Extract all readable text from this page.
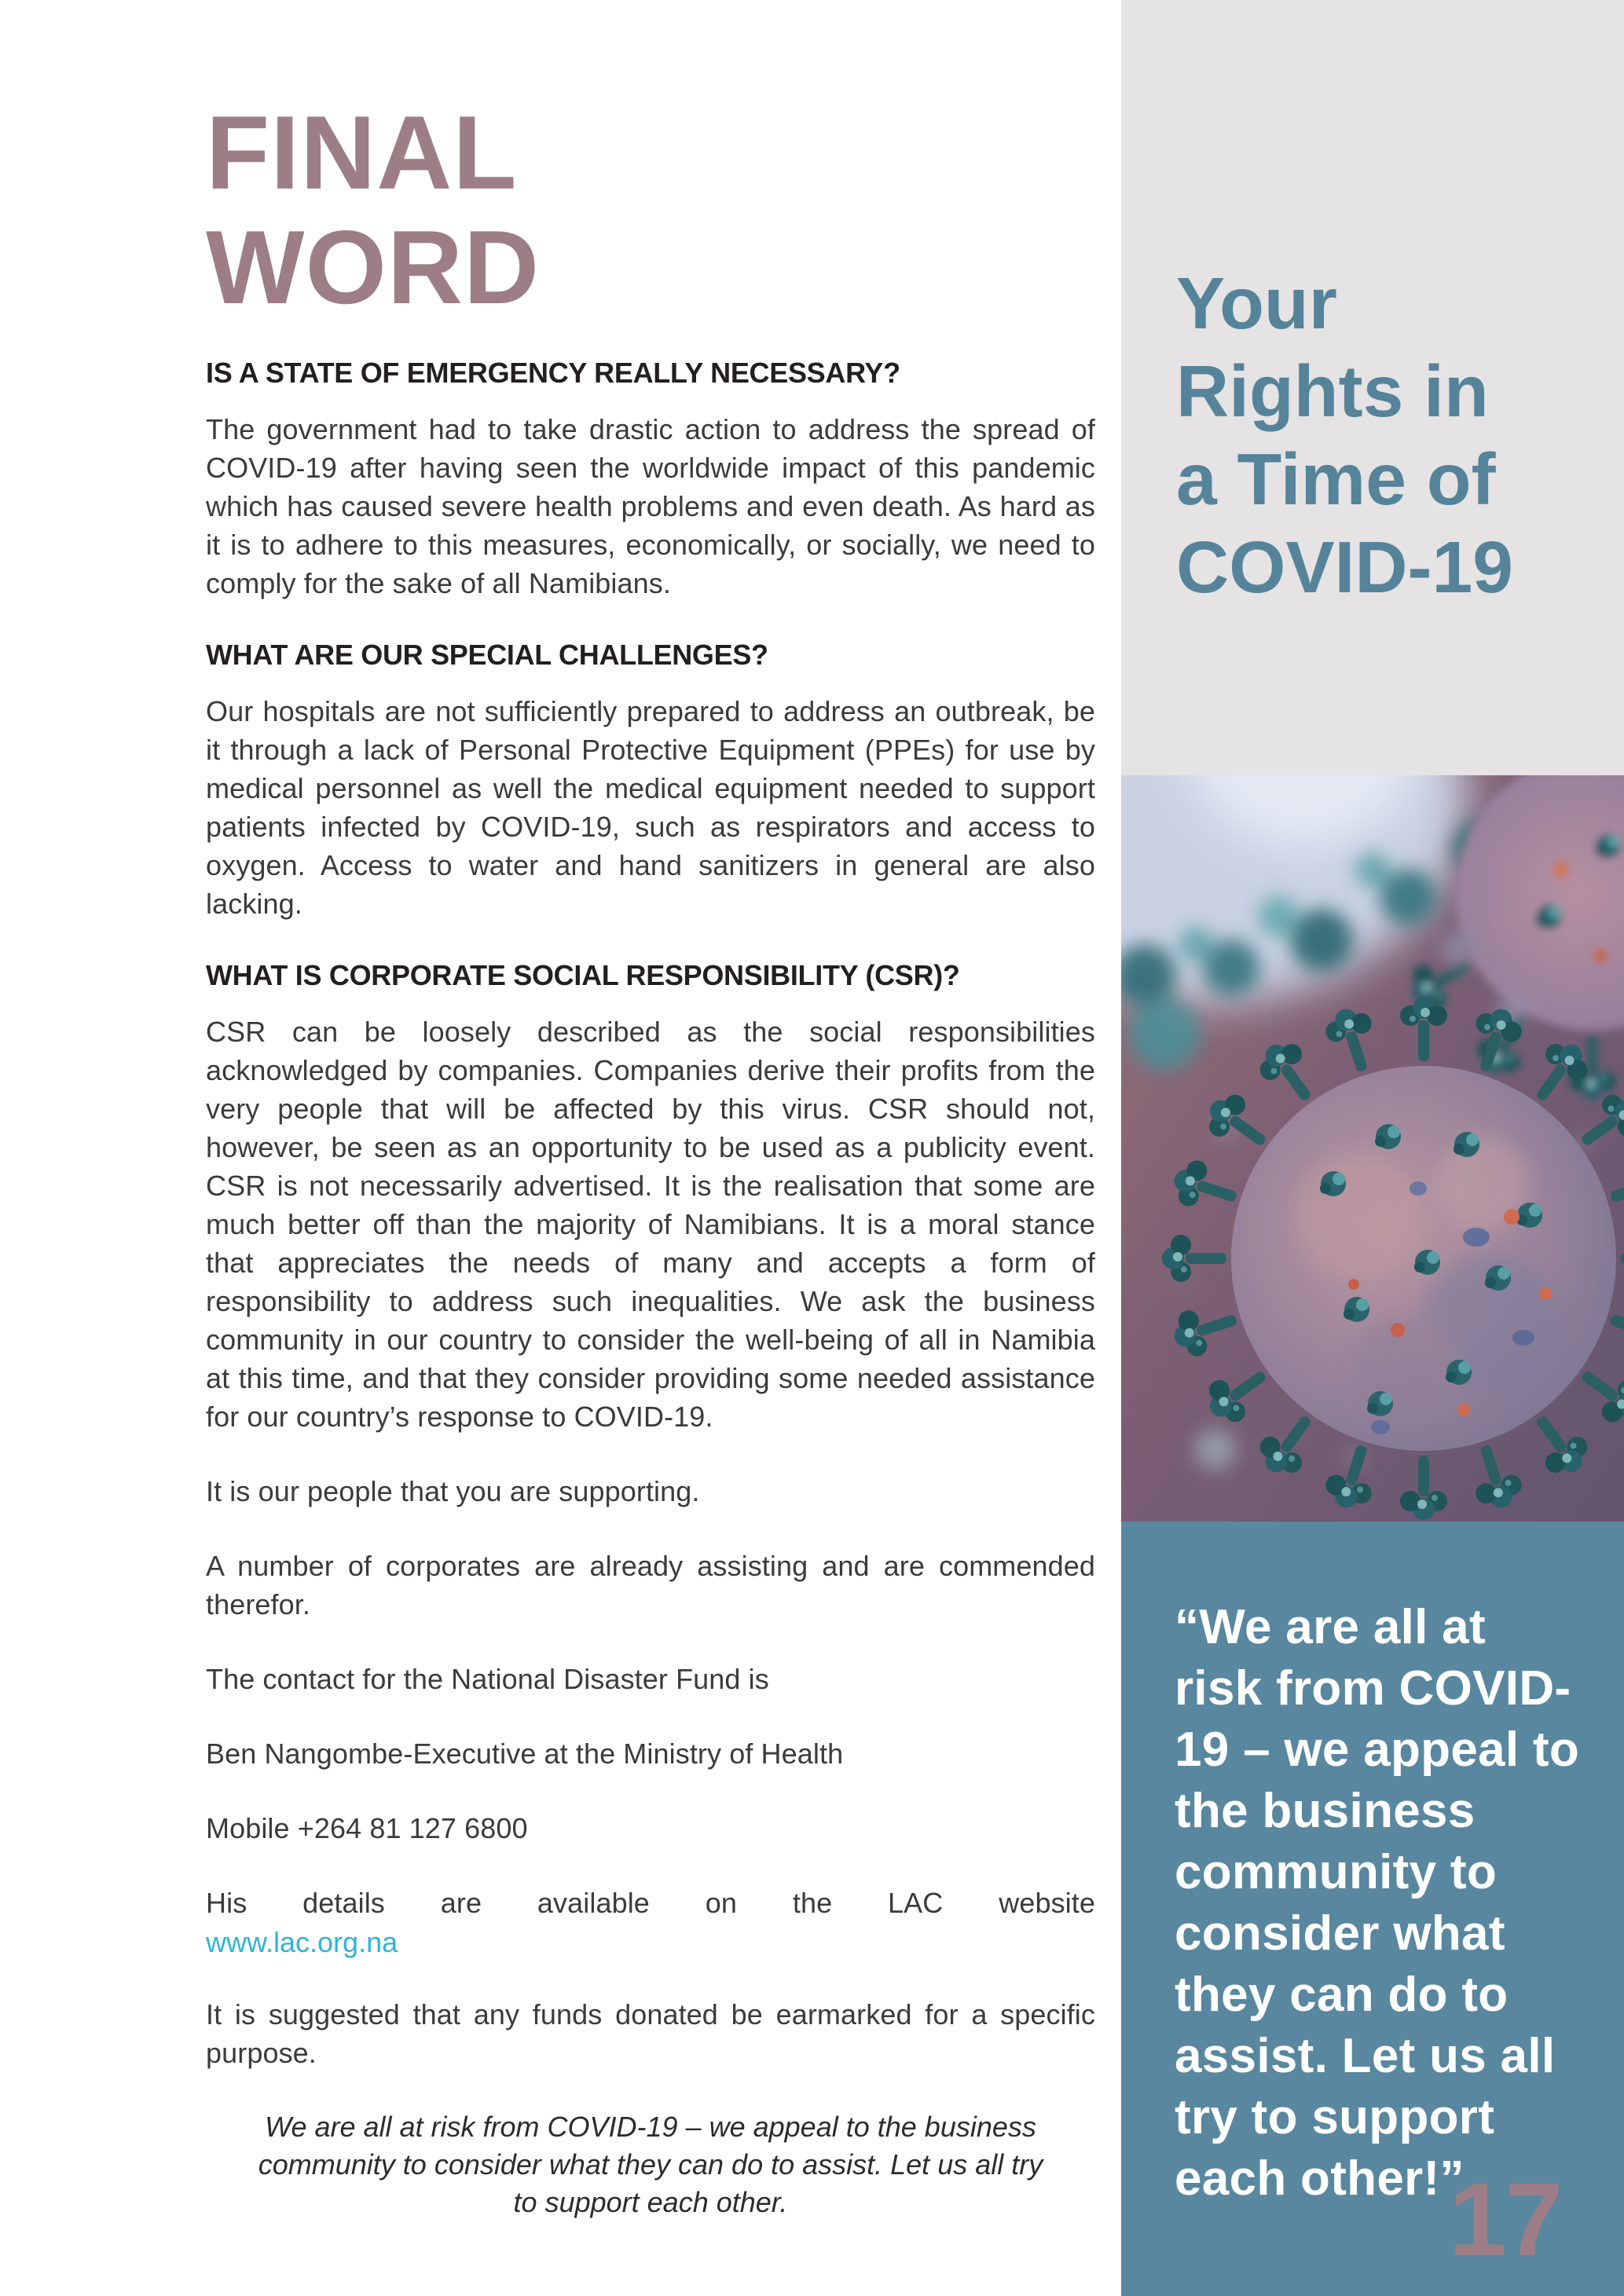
FINAL
WORD
IS A STATE OF EMERGENCY REALLY NECESSARY?

The government had to take drastic action to address the spread of COVID-19 after having seen the worldwide impact of this pandemic which has caused severe health problems and even death. As hard as it is to adhere to this measures, economically, or socially, we need to comply for the sake of all Namibians.

WHAT ARE OUR SPECIAL CHALLENGES?

Our hospitals are not sufficiently prepared to address an outbreak, be it through a lack of Personal Protective Equipment (PPEs) for use by medical personnel as well the medical equipment needed to support patients infected by COVID-19, such as respirators and access to oxygen. Access to water and hand sanitizers in general are also lacking.

WHAT IS CORPORATE SOCIAL RESPONSIBILITY (CSR)?

CSR can be loosely described as the social responsibilities acknowledged by companies. Companies derive their profits from the very people that will be affected by this virus. CSR should not, however, be seen as an opportunity to be used as a publicity event. CSR is not necessarily advertised. It is the realisation that some are much better off than the majority of Namibians. It is a moral stance that appreciates the needs of many and accepts a form of responsibility to address such inequalities. We ask the business community in our country to consider the well-being of all in Namibia at this time, and that they consider providing some needed assistance for our country’s response to COVID-19.

It is our people that you are supporting.

A number of corporates are already assisting and are commended therefor.

The contact for the National Disaster Fund is

Ben Nangombe-Executive at the Ministry of Health

Mobile +264 81 127 6800

His details are available on the LAC website

www.lac.org.na

It is suggested that any funds donated be earmarked for a specific purpose.

We are all at risk from COVID-19 – we appeal to the business community to consider what they can do to assist. Let us all try to support each other.

Your
Rights in
a Time of
COVID-19

“We are all at risk from COVID-19 – we appeal to the business community to consider what they can do to assist. Let us all try to support each other!”

17
